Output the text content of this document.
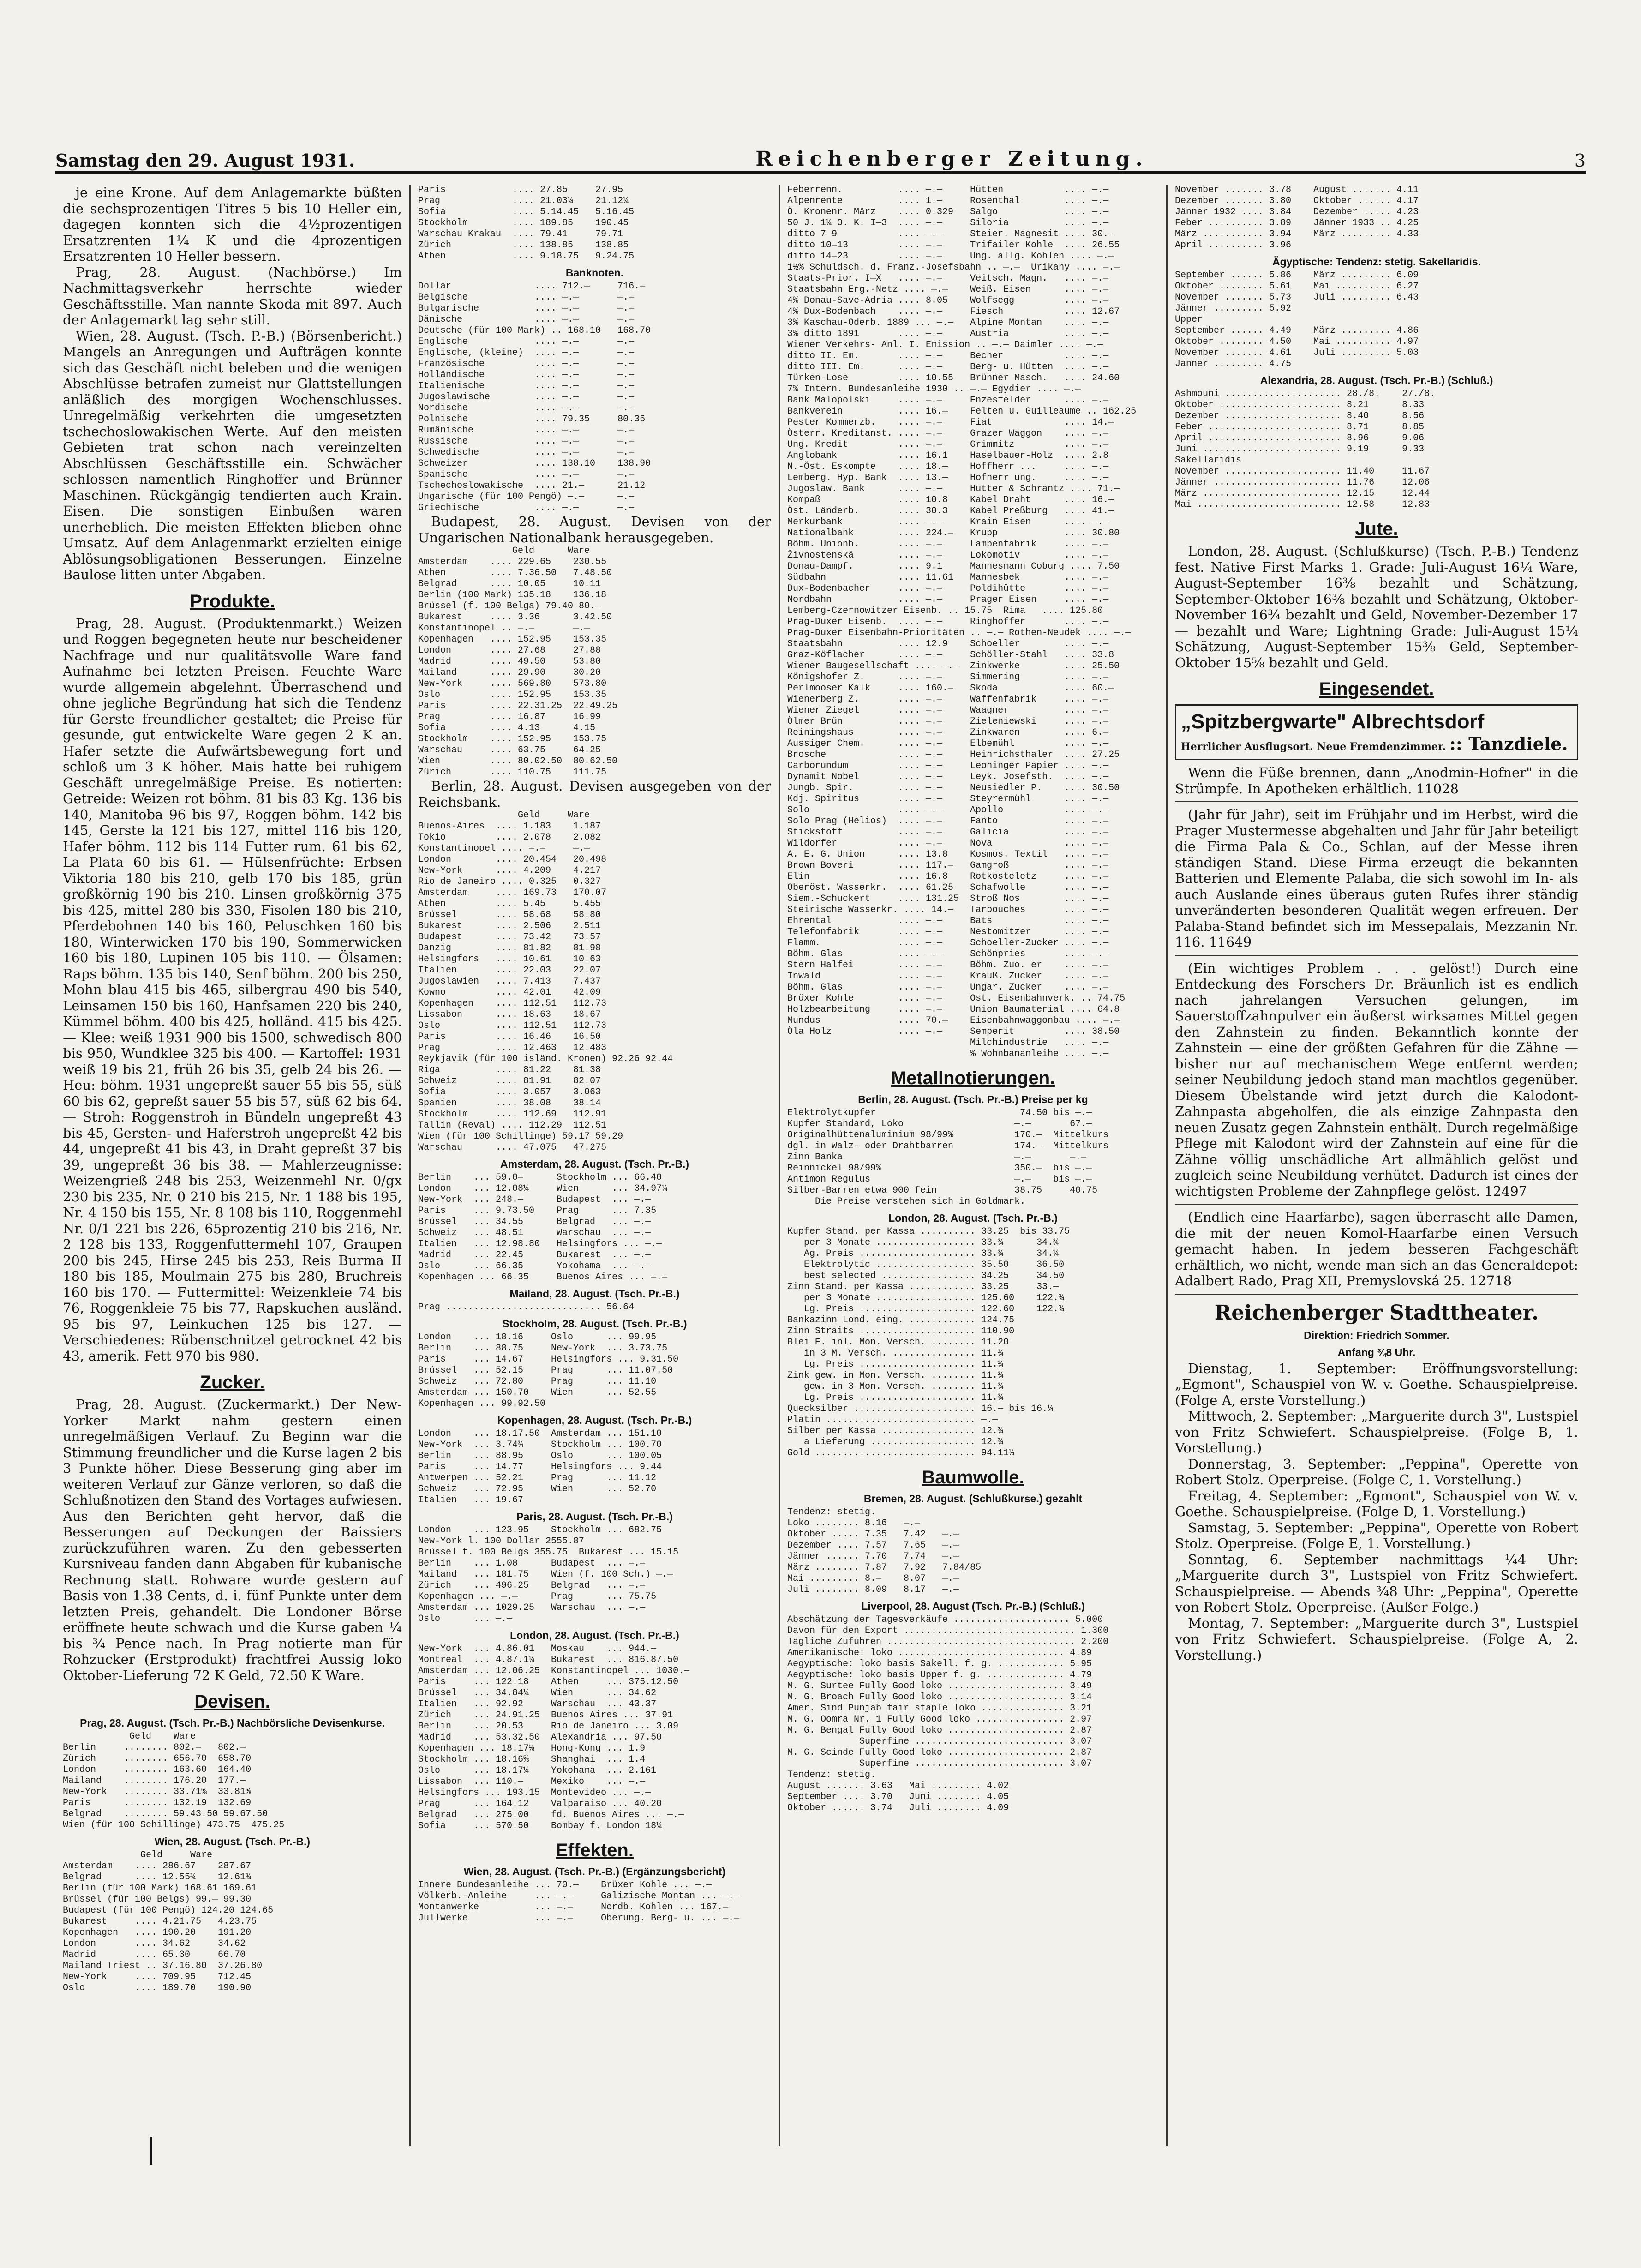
Samstag den 29. August 1931.	Reichenberger Zeitung.	3

je eine Krone. Auf dem Anlagemarkte büßten die sechsprozentigen Titres 5 bis 10 Heller ein, dagegen konnten sich die 4½prozentigen Ersatzrenten 1¼ K und die 4prozentigen Ersatzrenten 10 Heller bessern.

Prag, 28. August. (Nachbörse.) Im Nachmittagsverkehr herrschte wieder Geschäftsstille. Man nannte Skoda mit 897. Auch der Anlagemarkt lag sehr still.

Wien, 28. August. (Tsch. P.-B.) (Börsenbericht.) Mangels an Anregungen und Aufträgen konnte sich das Geschäft nicht beleben und die wenigen Abschlüsse betrafen zumeist nur Glattstellungen anläßlich des morgigen Wochenschlusses. Unregelmäßig verkehrten die umgesetzten tschechoslowakischen Werte. Auf den meisten Gebieten trat schon nach vereinzelten Abschlüssen Geschäftsstille ein. Schwächer schlossen namentlich Ringhoffer und Brünner Maschinen. Rückgängig tendierten auch Krain. Eisen. Die sonstigen Einbußen waren unerheblich. Die meisten Effekten blieben ohne Umsatz. Auf dem Anlagenmarkt erzielten einige Ablösungsobligationen Besserungen. Einzelne Baulose litten unter Abgaben.

Produkte.

Prag, 28. August. (Produktenmarkt.) Weizen und Roggen begegneten heute nur bescheidener Nachfrage und nur qualitätsvolle Ware fand Aufnahme bei letzten Preisen. Feuchte Ware wurde allgemein abgelehnt. Überraschend und ohne jegliche Begründung hat sich die Tendenz für Gerste freundlicher gestaltet; die Preise für gesunde, gut entwickelte Ware gegen 2 K an. Hafer setzte die Aufwärtsbewegung fort und schloß um 3 K höher. Mais hatte bei ruhigem Geschäft unregelmäßige Preise. Es notierten: Getreide: Weizen rot böhm. 81 bis 83 Kg. 136 bis 140, Manitoba 96 bis 97, Roggen böhm. 142 bis 145, Gerste la 121 bis 127, mittel 116 bis 120, Hafer böhm. 112 bis 114 Futter rum. 61 bis 62, La Plata 60 bis 61. — Hülsenfrüchte: Erbsen Viktoria 180 bis 210, gelb 170 bis 185, grün großkörnig 190 bis 210. Linsen großkörnig 375 bis 425, mittel 280 bis 330, Fisolen 180 bis 210, Pferdebohnen 140 bis 160, Peluschken 160 bis 180, Winterwicken 170 bis 190, Sommerwicken 160 bis 180, Lupinen 105 bis 110. — Ölsamen: Raps böhm. 135 bis 140, Senf böhm. 200 bis 250, Mohn blau 415 bis 465, silbergrau 490 bis 540, Leinsamen 150 bis 160, Hanfsamen 220 bis 240, Kümmel böhm. 400 bis 425, holländ. 415 bis 425. — Klee: weiß 1931 900 bis 1500, schwedisch 800 bis 950, Wundklee 325 bis 400. — Kartoffel: 1931 weiß 19 bis 21, früh 26 bis 35, gelb 24 bis 26. — Heu: böhm. 1931 ungepreßt sauer 55 bis 55, süß 60 bis 62, gepreßt sauer 55 bis 57, süß 62 bis 64. — Stroh: Roggenstroh in Bündeln ungepreßt 43 bis 45, Gersten- und Haferstroh ungepreßt 42 bis 44, ungepreßt 41 bis 43, in Draht gepreßt 37 bis 39, ungepreßt 36 bis 38. — Mahlerzeugnisse: Weizengrieß 248 bis 253, Weizenmehl Nr. 0/gx 230 bis 235, Nr. 0 210 bis 215, Nr. 1 188 bis 195, Nr. 4 150 bis 155, Nr. 8 108 bis 110, Roggenmehl Nr. 0/1 221 bis 226, 65prozentig 210 bis 216, Nr. 2 128 bis 133, Roggenfuttermehl 107, Graupen 200 bis 245, Hirse 245 bis 253, Reis Burma II 180 bis 185, Moulmain 275 bis 280, Bruchreis 160 bis 170. — Futtermittel: Weizenkleie 74 bis 76, Roggenkleie 75 bis 77, Rapskuchen ausländ. 95 bis 97, Leinkuchen 125 bis 127. — Verschiedenes: Rübenschnitzel getrocknet 42 bis 43, amerik. Fett 970 bis 980.

Zucker.

Prag, 28. August. (Zuckermarkt.) Der New-Yorker Markt nahm gestern einen unregelmäßigen Verlauf. Zu Beginn war die Stimmung freundlicher und die Kurse lagen 2 bis 3 Punkte höher. Diese Besserung ging aber im weiteren Verlauf zur Gänze verloren, so daß die Schlußnotizen den Stand des Vortages aufwiesen. Aus den Berichten geht hervor, daß die Besserungen auf Deckungen der Baissiers zurückzuführen waren. Zu den gebesserten Kursniveau fanden dann Abgaben für kubanische Rechnung statt. Rohware wurde gestern auf Basis von 1.38 Cents, d. i. fünf Punkte unter dem letzten Preis, gehandelt. Die Londoner Börse eröffnete heute schwach und die Kurse gaben ¼ bis ¾ Pence nach. In Prag notierte man für Rohzucker (Erstprodukt) frachtfrei Aussig loko Oktober-Lieferung 72 K Geld, 72.50 K Ware.

Devisen.
Prag, 28. August. (Tsch. Pr.-B.) Nachbörsliche Devisenkurse.
Geld    Ware
Berlin     ........ 802.—   802.—
Zürich     ........ 656.70  658.70
London     ........ 163.60  164.40
Mailand    ........ 176.20  177.—
New-York   ........ 33.71⅝  33.81⅝
Paris      ........ 132.19  132.69
Belgrad    ........ 59.43.50 59.67.50
Wien (für 100 Schillinge) 473.75  475.25
Wien, 28. August. (Tsch. Pr.-B.)
Geld     Ware
Amsterdam    .... 286.67    287.67
Belgrad      .... 12.55¾    12.61¾
Berlin (für 100 Mark) 168.61 169.61
Brüssel (für 100 Belgs) 99.— 99.30
Budapest (für 100 Pengö) 124.20 124.65
Bukarest     .... 4.21.75   4.23.75
Kopenhagen   .... 190.20    191.20
London       .... 34.62     34.62
Madrid       .... 65.30     66.70
Mailand Triest .. 37.16.80  37.26.80
New-York     .... 709.95    712.45
Oslo         .... 189.70    190.90
Paris            .... 27.85     27.95
Prag             .... 21.03¼    21.12¼
Sofia            .... 5.14.45   5.16.45
Stockholm        .... 189.85    190.45
Warschau Krakau  .... 79.41     79.71
Zürich           .... 138.85    138.85
Athen            .... 9.18.75   9.24.75
Banknoten.
Dollar               .... 712.—     716.—
Belgische            .... —.—       —.—
Bulgarische          .... —.—       —.—
Dänische             .... —.—       —.—
Deutsche (für 100 Mark) .. 168.10   168.70
Englische            .... —.—       —.—
Englische, (kleine)  .... —.—       —.—
Französische         .... —.—       —.—
Holländische         .... —.—       —.—
Italienische         .... —.—       —.—
Jugoslawische        .... —.—       —.—
Nordische            .... —.—       —.—
Polnische            .... 79.35     80.35
Rumänische           .... —.—       —.—
Russische            .... —.—       —.—
Schwedische          .... —.—       —.—
Schweizer            .... 138.10    138.90
Spanische            .... —.—       —.—
Tschechoslowakische  .... 21.—      21.12
Ungarische (für 100 Pengö) —.—      —.—
Griechische          .... —.—       —.—

Budapest, 28. August. Devisen von der Ungarischen Nationalbank herausgegeben.

Geld      Ware
Amsterdam    .... 229.65    230.55
Athen        .... 7.36.50   7.48.50
Belgrad      .... 10.05     10.11
Berlin (100 Mark) 135.18    136.18
Brüssel (f. 100 Belga) 79.40 80.—
Bukarest     .... 3.36      3.42.50
Konstantinopel .. —.—       —.—
Kopenhagen   .... 152.95    153.35
London       .... 27.68     27.88
Madrid       .... 49.50     53.80
Mailand      .... 29.90     30.20
New-York     .... 569.80    573.80
Oslo         .... 152.95    153.35
Paris        .... 22.31.25  22.49.25
Prag         .... 16.87     16.99
Sofia        .... 4.13      4.15
Stockholm    .... 152.95    153.75
Warschau     .... 63.75     64.25
Wien         .... 80.02.50  80.62.50
Zürich       .... 110.75    111.75

Berlin, 28. August. Devisen ausgegeben von der Reichsbank.

Geld     Ware
Buenos-Aires  .... 1.183    1.187
Tokio         .... 2.078    2.082
Konstantinopel .... —.—     —.—
London        .... 20.454   20.498
New-York      .... 4.209    4.217
Rio de Janeiro .... 0.325   0.327
Amsterdam     .... 169.73   170.07
Athen         .... 5.45     5.455
Brüssel       .... 58.68    58.80
Bukarest      .... 2.506    2.511
Budapest      .... 73.42    73.57
Danzig        .... 81.82    81.98
Helsingfors   .... 10.61    10.63
Italien       .... 22.03    22.07
Jugoslawien   .... 7.413    7.437
Kowno         .... 42.01    42.09
Kopenhagen    .... 112.51   112.73
Lissabon      .... 18.63    18.67
Oslo          .... 112.51   112.73
Paris         .... 16.46    16.50
Prag          .... 12.463   12.483
Reykjavik (für 100 isländ. Kronen) 92.26 92.44
Riga          .... 81.22    81.38
Schweiz       .... 81.91    82.07
Sofia         .... 3.057    3.063
Spanien       .... 38.08    38.14
Stockholm     .... 112.69   112.91
Tallin (Reval) .... 112.29  112.51
Wien (für 100 Schillinge) 59.17 59.29
Warschau      .... 47.075   47.275
Amsterdam, 28. August. (Tsch. Pr.-B.)
Berlin    ... 59.0—      Stockholm ... 66.40
London    ... 12.08¼     Wien      ... 34.97¼
New-York  ... 248.—      Budapest  ... —.—
Paris     ... 9.73.50    Prag      ... 7.35
Brüssel   ... 34.55      Belgrad   ... —.—
Schweiz   ... 48.51      Warschau  ... —.—
Italien   ... 12.98.80   Helsingfors ... —.—
Madrid    ... 22.45      Bukarest  ... —.—
Oslo      ... 66.35      Yokohama  ... —.—
Kopenhagen ... 66.35     Buenos Aires ... —.—
Mailand, 28. August. (Tsch. Pr.-B.)
Prag ............................ 56.64
Stockholm, 28. August. (Tsch. Pr.-B.)
London    ... 18.16     Oslo      ... 99.95
Berlin    ... 88.75     New-York  ... 3.73.75
Paris     ... 14.67     Helsingfors ... 9.31.50
Brüssel   ... 52.15     Prag      ... 11.07.50
Schweiz   ... 72.80     Prag      ... 11.10
Amsterdam ... 150.70    Wien      ... 52.55
Kopenhagen ... 99.92.50
Kopenhagen, 28. August. (Tsch. Pr.-B.)
London    ... 18.17.50  Amsterdam ... 151.10
New-York  ... 3.74¾     Stockholm ... 100.70
Berlin    ... 88.95     Oslo      ... 100.05
Paris     ... 14.77     Helsingfors ... 9.44
Antwerpen ... 52.21     Prag      ... 11.12
Schweiz   ... 72.95     Wien      ... 52.70
Italien   ... 19.67
Paris, 28. August. (Tsch. Pr.-B.)
London    ... 123.95    Stockholm ... 682.75
New-York l. 100 Dollar 2555.87
Brüssel f. 100 Belgs 355.75  Bukarest ... 15.15
Berlin    ... 1.08      Budapest  ... —.—
Mailand   ... 181.75    Wien (f. 100 Sch.) —.—
Zürich    ... 496.25    Belgrad   ... —.—
Kopenhagen ... —.—      Prag      ... 75.75
Amsterdam ... 1029.25   Warschau  ... —.—
Oslo      ... —.—
London, 28. August. (Tsch. Pr.-B.)
New-York  ... 4.86.01   Moskau    ... 944.—
Montreal  ... 4.87.1¼   Bukarest  ... 816.87.50
Amsterdam ... 12.06.25  Konstantinopel ... 1030.—
Paris     ... 122.18    Athen     ... 375.12.50
Brüssel   ... 34.84¼    Wien      ... 34.62
Italien   ... 92.92     Warschau  ... 43.37
Zürich    ... 24.91.25  Buenos Aires ... 37.91
Berlin    ... 20.53     Rio de Janeiro ... 3.09
Madrid    ... 53.32.50  Alexandria ... 97.50
Kopenhagen ... 18.17⅛   Hong-Kong ... 1.9
Stockholm ... 18.16⅝    Shanghai  ... 1.4
Oslo      ... 18.17¼    Yokohama  ... 2.161
Lissabon  ... 110.—     Mexiko    ... —.—
Helsingfors ... 193.15  Montevideo ... —.—
Prag      ... 164.12    Valparaiso ... 40.20
Belgrad   ... 275.00    fd. Buenos Aires ... —.—
Sofia     ... 570.50    Bombay f. London 18¼
Effekten.
Wien, 28. August. (Tsch. Pr.-B.) (Ergänzungsbericht)
Innere Bundesanleihe ... 70.—    Brüxer Kohle ... —.—
Völkerb.-Anleihe     ... —.—     Galizische Montan ... —.—
Montanwerke          ... —.—     Nordb. Kohlen ... 167.—
Jullwerke            ... —.—     Oberung. Berg- u. ... —.—
Feberrenn.          .... —.—     Hütten           .... —.—
Alpenrente          .... 1.—     Rosenthal        .... —.—
Ö. Kronenr. März    .... 0.329   Salgo            .... —.—
50 J. 1¼ O. K. I—3  .... —.—     Siloria          .... —.—
ditto 7—9           .... —.—     Steier. Magnesit .... 30.—
ditto 10—13         .... —.—     Trifailer Kohle  .... 26.55
ditto 14—23         .... —.—     Ung. allg. Kohlen .... —.—
1½% Schuldsch. d. Franz.-Josefsbahn .. —.—  Urikany .... —.—
Staats-Prior. I—X   .... —.—     Veitsch. Magn.   .... —.—
Staatsbahn Erg.-Netz .... —.—    Weiß. Eisen      .... —.—
4% Donau-Save-Adria .... 8.05    Wolfsegg         .... —.—
4% Dux-Bodenbach    .... —.—     Fiesch           .... 12.67
3% Kaschau-Oderb. 1889 ... —.—   Alpine Montan    .... —.—
3% ditto 1891       .... —.—     Austria          .... —.—
Wiener Verkehrs- Anl. I. Emission .. —.— Daimler .... —.—
ditto II. Em.       .... —.—     Becher           .... —.—
ditto III. Em.      .... —.—     Berg- u. Hütten  .... —.—
Türken-Lose         .... 10.55   Brünner Masch.   .... 24.60
7% Intern. Bundesanleihe 1930 .. —.— Egydier .... —.—
Bank Malopolski     .... —.—     Enzesfelder      .... —.—
Bankverein          .... 16.—    Felten u. Guilleaume .. 162.25
Pester Kommerzb.    .... —.—     Fiat             .... 14.—
Österr. Kreditanst. .... —.—     Grazer Waggon    .... —.—
Ung. Kredit         .... —.—     Grimmitz         .... —.—
Anglobank           .... 16.1    Haselbauer-Holz  .... 2.8
N.-Öst. Eskompte    .... 18.—    Hoffherr ...     .... —.—
Lemberg. Hyp. Bank  .... 13.—    Hofherr ung.     .... —.—
Jugoslaw. Bank      .... —.—     Hutter & Schrantz .... 71.—
Kompaß              .... 10.8    Kabel Draht      .... 16.—
Öst. Länderb.       .... 30.3    Kabel Preßburg   .... 41.—
Merkurbank          .... —.—     Krain Eisen      .... —.—
Nationalbank        .... 224.—   Krupp            .... 30.80
Böhm. Unionb.       .... —.—     Lampenfabrik     .... —.—
Živnostenská        .... —.—     Lokomotiv        .... —.—
Donau-Dampf.        .... 9.1     Mannesmann Coburg .... 7.50
Südbahn             .... 11.61   Mannesbek        .... —.—
Dux-Bodenbacher     .... —.—     Poldihütte       .... —.—
Nordbahn            .... —.—     Prager Eisen     .... —.—
Lemberg-Czernowitzer Eisenb. .. 15.75  Rima   .... 125.80
Prag-Duxer Eisenb.  .... —.—     Ringhoffer       .... —.—
Prag-Duxer Eisenbahn-Prioritäten .. —.— Rothen-Neudek .... —.—
Staatsbahn          .... 12.9    Schoeller        .... —.—
Graz-Köflacher      .... —.—     Schöller-Stahl   .... 33.8
Wiener Baugesellschaft .... —.—  Zinkwerke        .... 25.50
Königshofer Z.      .... —.—     Simmering        .... —.—
Perlmooser Kalk     .... 160.—   Skoda            .... 60.—
Wienerberg Z.       .... —.—     Waffenfabrik     .... —.—
Wiener Ziegel       .... —.—     Waagner          .... —.—
Ölmer Brün          .... —.—     Zieleniewski     .... —.—
Reiningshaus        .... —.—     Zinkwaren        .... 6.—
Aussiger Chem.      .... —.—     Elbemühl         .... —.—
Brosche             .... —.—     Heinrichsthaler  .... 27.25
Carborundum         .... —.—     Leoninger Papier .... —.—
Dynamit Nobel       .... —.—     Leyk. Josefsth.  .... —.—
Jungb. Spir.        .... —.—     Neusiedler P.    .... 30.50
Kdj. Spiritus       .... —.—     Steyrermühl      .... —.—
Solo                .... —.—     Apollo           .... —.—
Solo Prag (Helios)  .... —.—     Fanto            .... —.—
Stickstoff          .... —.—     Galicia          .... —.—
Wildorfer           .... —.—     Nova             .... —.—
A. E. G. Union      .... 13.8    Kosmos. Textil   .... —.—
Brown Boveri        .... 117.—   Gamgroß          .... —.—
Elin                .... 16.8    Rotkosteletz     .... —.—
Oberöst. Wasserkr.  .... 61.25   Schafwolle       .... —.—
Siem.-Schuckert     .... 131.25  Stroß Nos        .... —.—
Steirische Wasserkr. .... 14.—   Tarbouches       .... —.—
Ehrental            .... —.—     Bats             .... —.—
Telefonfabrik       .... —.—     Nestomitzer      .... —.—
Flamm.              .... —.—     Schoeller-Zucker .... —.—
Böhm. Glas          .... —.—     Schönpries       .... —.—
Stern Halfei        .... —.—     Böhm. Zuo. er    .... —.—
Inwald              .... —.—     Krauß. Zucker    .... —.—
Böhm. Glas          .... —.—     Ungar. Zucker    .... —.—
Brüxer Kohle        .... —.—     Ost. Eisenbahnverk. .. 74.75
Holzbearbeitung     .... —.—     Union Baumaterial .... 64.8
Mundus              .... 70.—    Eisenbahnwaggonbau .... —.—
Öla Holz            .... —.—     Semperit         .... 38.50
Milchindustrie   .... —.—
% Wohnbananleihe .... —.—
Metallnotierungen.
Berlin, 28. August. (Tsch. Pr.-B.) Preise per kg
Elektrolytkupfer                          74.50 bis —.—
Kupfer Standard, Loko                    —.—       67.—
Originalhüttenaluminium 98/99%           170.—  Mittelkurs
dgl. in Walz- oder Drahtbarren           174.—  Mittelkurs
Zinn Banka                               —.—       —.—
Reinnickel 98/99%                        350.—  bis —.—
Antimon Regulus                          —.—    bis —.—
Silber-Barren etwa 900 fein              38.75     40.75
Die Preise verstehen sich in Goldmark.
London, 28. August. (Tsch. Pr.-B.)
Kupfer Stand. per Kassa .......... 33.25  bis 33.75
per 3 Monate .................. 33.¾      34.¾
Ag. Preis ..................... 33.¾      34.¼
Elektrolytic .................. 35.50     36.50
best selected ................. 34.25     34.50
Zinn Stand. per Kassa ............ 33.25     33.—
per 3 Monate .................. 125.60    122.¾
Lg. Preis ..................... 122.60    122.¾
Bankazinn Lond. eing. ............ 124.75
Zinn Straits ..................... 110.90
Blei E. inl. Mon. Versch. ........ 11.20
in 3 M. Versch. ............... 11.¾
Lg. Preis ..................... 11.¼
Zink gew. in Mon. Versch. ........ 11.¾
gew. in 3 Mon. Versch. ........ 11.¾
Lg. Preis ..................... 11.¾
Quecksilber ...................... 16.— bis 16.¼
Platin ........................... —.—
Silber per Kassa ................. 12.¾
a Lieferung ................... 12.¾
Gold ............................. 94.11¼
Baumwolle.
Bremen, 28. August. (Schlußkurse.) gezahlt
Tendenz: stetig.
Loko ........ 8.16   —.—
Oktober ..... 7.35   7.42   —.—
Dezember .... 7.57   7.65   —.—
Jänner ...... 7.70   7.74   —.—
März ........ 7.87   7.92   7.84/85
Mai ......... 8.—    8.07   —.—
Juli ........ 8.09   8.17   —.—
Liverpool, 28. August (Tsch. Pr.-B.) (Schluß.)
Abschätzung der Tagesverkäufe ..................... 5.000
Davon für den Export ............................... 1.300
Tägliche Zufuhren .................................. 2.200
Amerikanische: loko .............................. 4.89
Aegyptische: loko basis Sakell. f. g. ............ 5.95
Aegyptische: loko basis Upper f. g. .............. 4.79
M. G. Surtee Fully Good loko ..................... 3.49
M. G. Broach Fully Good loko ..................... 3.14
Amer. Sind Punjab fair staple loko ............... 3.21
M. G. Oomra Nr. 1 Fully Good loko ................ 2.97
M. G. Bengal Fully Good loko ..................... 2.87
Superfine ........................... 3.07
M. G. Scinde Fully Good loko ..................... 2.87
Superfine ........................... 3.07
Tendenz: stetig.
August ....... 3.63   Mai ......... 4.02
September .... 3.70   Juni ........ 4.05
Oktober ...... 3.74   Juli ........ 4.09
November ....... 3.78    August ....... 4.11
Dezember ....... 3.80    Oktober ...... 4.17
Jänner 1932 .... 3.84    Dezember ..... 4.23
Feber .......... 3.89    Jänner 1933 .. 4.25
März ........... 3.94    März ......... 4.33
April .......... 3.96
Ägyptische: Tendenz: stetig. Sakellaridis.
September ...... 5.86    März ......... 6.09
Oktober ........ 5.61    Mai .......... 6.27
November ....... 5.73    Juli ......... 6.43
Jänner ......... 5.92
Upper
September ...... 4.49    März ......... 4.86
Oktober ........ 4.50    Mai .......... 4.97
November ....... 4.61    Juli ......... 5.03
Jänner ......... 4.75
Alexandria, 28. August. (Tsch. Pr.-B.) (Schluß.)
Ashmouni ..................... 28./8.    27./8.
Oktober ...................... 8.21      8.33
Dezember ..................... 8.40      8.56
Feber ........................ 8.71      8.85
April ........................ 8.96      9.06
Juni ......................... 9.19      9.33
Sakellaridis
November ..................... 11.40     11.67
Jänner ....................... 11.76     12.06
März ......................... 12.15     12.44
Mai .......................... 12.58     12.83
Jute.

London, 28. August. (Schlußkurse) (Tsch. P.-B.) Tendenz fest. Native First Marks 1. Grade: Juli-August 16¼ Ware, August-September 16⅜ bezahlt und Schätzung, September-Oktober 16⅜ bezahlt und Schätzung, Oktober-November 16¾ bezahlt und Geld, November-Dezember 17— bezahlt und Ware; Lightning Grade: Juli-August 15¼ Schätzung, August-September 15⅜ Geld, September-Oktober 15⅝ bezahlt und Geld.

Eingesendet.
„Spitzbergwarte" Albrechtsdorf
Herrlicher Ausflugsort. Neue Fremdenzimmer. :: Tanzdiele.

Wenn die Füße brennen, dann „Anodmin-Hofner" in die Strümpfe. In Apotheken erhältlich. 11028

(Jahr für Jahr), seit im Frühjahr und im Herbst, wird die Prager Mustermesse abgehalten und Jahr für Jahr beteiligt die Firma Pala & Co., Schlan, auf der Messe ihren ständigen Stand. Diese Firma erzeugt die bekannten Batterien und Elemente Palaba, die sich sowohl im In- als auch Auslande eines überaus guten Rufes ihrer ständig unveränderten besonderen Qualität wegen erfreuen. Der Palaba-Stand befindet sich im Messepalais, Mezzanin Nr. 116. 11649

(Ein wichtiges Problem . . . gelöst!) Durch eine Entdeckung des Forschers Dr. Bräunlich ist es endlich nach jahrelangen Versuchen gelungen, im Sauerstoffzahnpulver ein äußerst wirksames Mittel gegen den Zahnstein zu finden. Bekanntlich konnte der Zahnstein — eine der größten Gefahren für die Zähne — bisher nur auf mechanischem Wege entfernt werden; seiner Neubildung jedoch stand man machtlos gegenüber. Diesem Übelstande wird jetzt durch die Kalodont-Zahnpasta abgeholfen, die als einzige Zahnpasta den neuen Zusatz gegen Zahnstein enthält. Durch regelmäßige Pflege mit Kalodont wird der Zahnstein auf eine für die Zähne völlig unschädliche Art allmählich gelöst und zugleich seine Neubildung verhütet. Dadurch ist eines der wichtigsten Probleme der Zahnpflege gelöst. 12497

(Endlich eine Haarfarbe), sagen überrascht alle Damen, die mit der neuen Komol-Haarfarbe einen Versuch gemacht haben. In jedem besseren Fachgeschäft erhältlich, wo nicht, wende man sich an das Generaldepot: Adalbert Rado, Prag XII, Premyslovská 25. 12718

Reichenberger Stadttheater.
Direktion: Friedrich Sommer.
Anfang ¾8 Uhr.

Dienstag, 1. September: Eröffnungsvorstellung: „Egmont", Schauspiel von W. v. Goethe. Schauspielpreise. (Folge A, erste Vorstellung.)

Mittwoch, 2. September: „Marguerite durch 3", Lustspiel von Fritz Schwiefert. Schauspielpreise. (Folge B, 1. Vorstellung.)

Donnerstag, 3. September: „Peppina", Operette von Robert Stolz. Operpreise. (Folge C, 1. Vorstellung.)

Freitag, 4. September: „Egmont", Schauspiel von W. v. Goethe. Schauspielpreise. (Folge D, 1. Vorstellung.)

Samstag, 5. September: „Peppina", Operette von Robert Stolz. Operpreise. (Folge E, 1. Vorstellung.)

Sonntag, 6. September nachmittags ¼4 Uhr: „Marguerite durch 3", Lustspiel von Fritz Schwiefert. Schauspielpreise. — Abends ¾8 Uhr: „Peppina", Operette von Robert Stolz. Operpreise. (Außer Folge.)

Montag, 7. September: „Marguerite durch 3", Lustspiel von Fritz Schwiefert. Schauspielpreise. (Folge A, 2. Vorstellung.)
